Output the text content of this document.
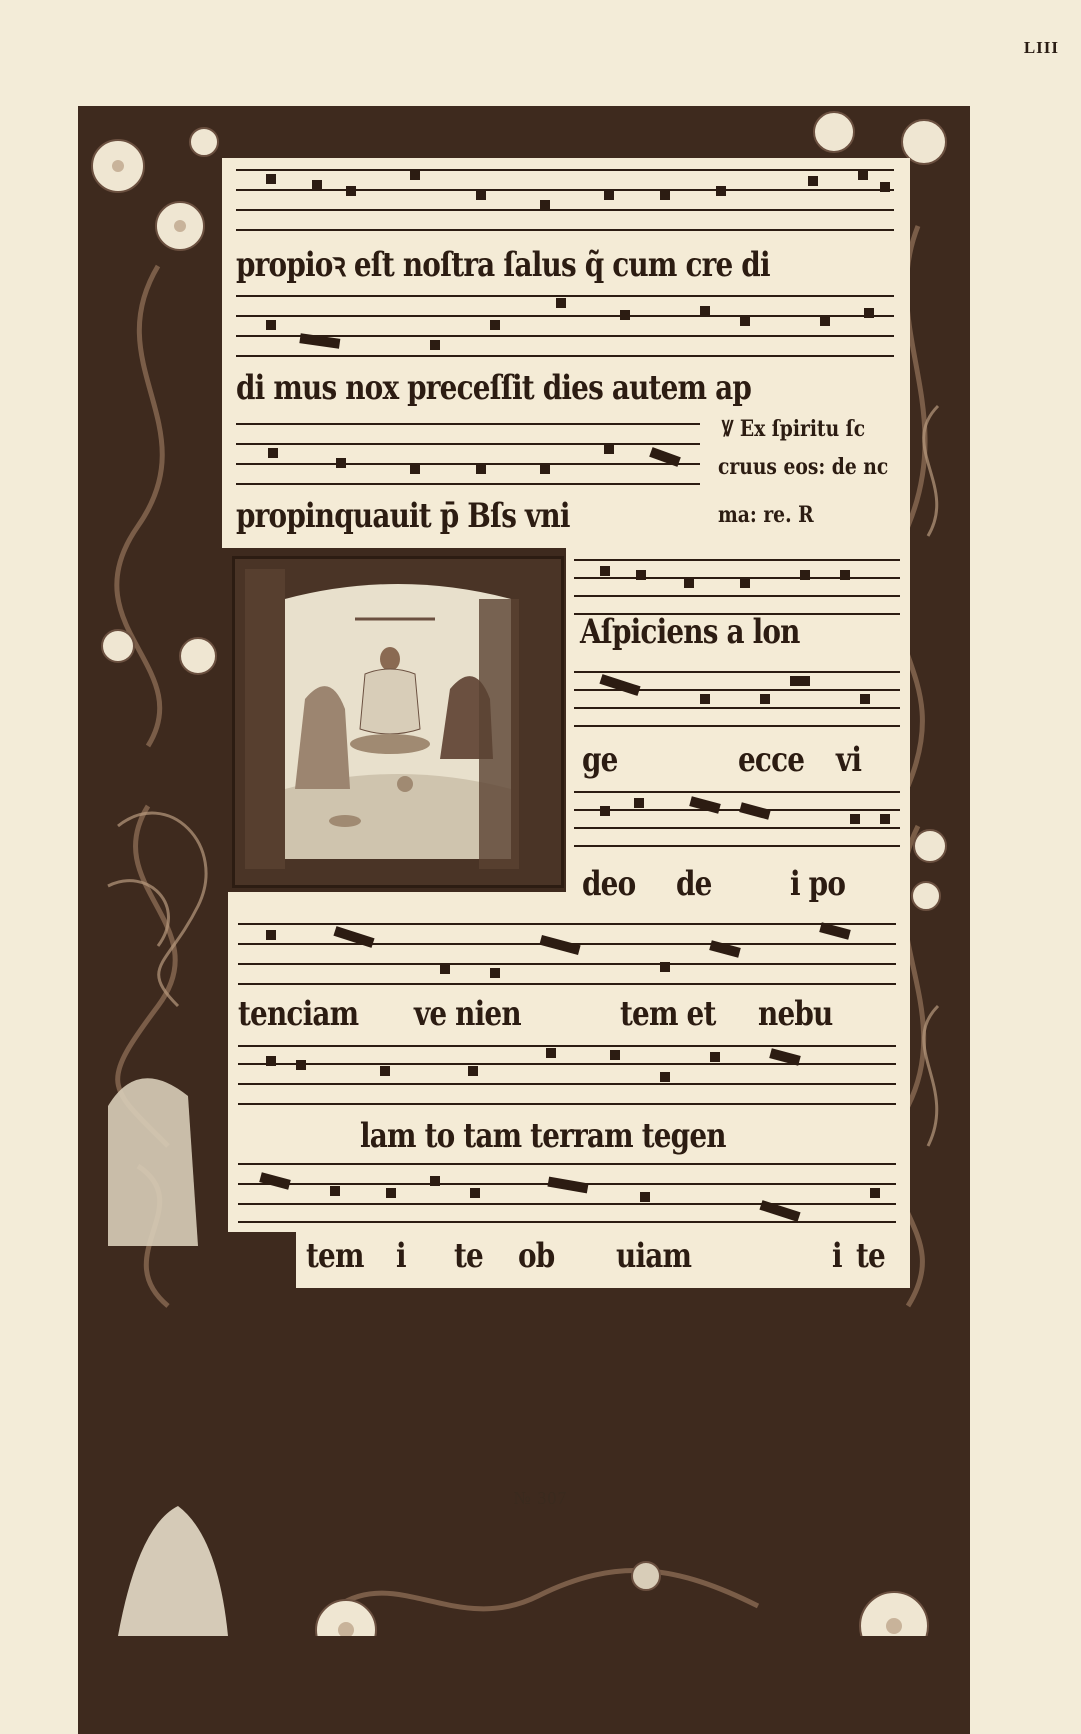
LIII
propioꝛ eſt noſtra ſalus q̃ cum cre di
di mus nox preceſſit dies autem ap
Ꝟ Ex ſpiritu ſc
cruus eos: de nc
propinquauit p̄ Bſs vni	ma: re. R
Aſpiciens a lon
ge	ecce vi
deo de i po
tenciam ve nien	tem et nebu
lam to tam terram tegen
tem i te ob uiam	i te
№ 307
